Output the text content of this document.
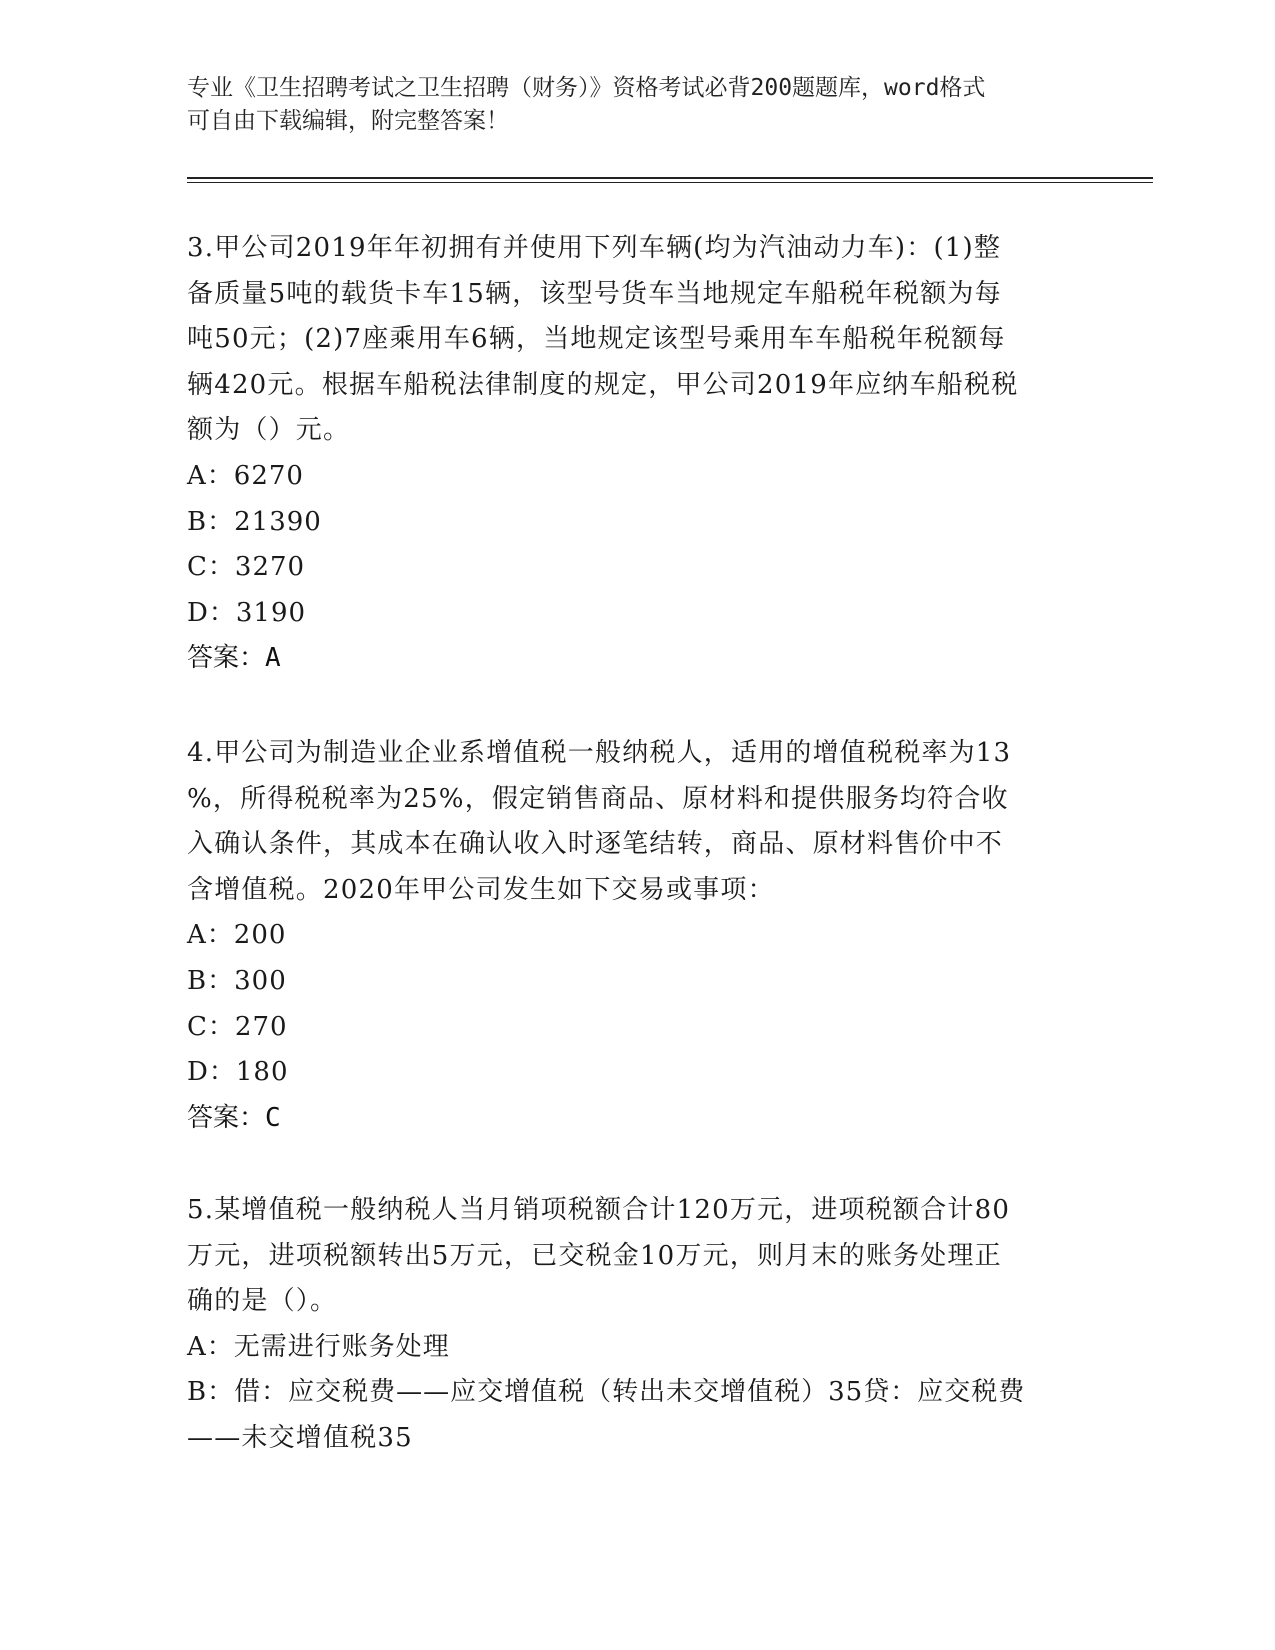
专业《卫生招聘考试之卫生招聘（财务）》资格考试必背200题题库，word格式
可自由下载编辑，附完整答案！
3.甲公司2019年年初拥有并使用下列车辆(均为汽油动力车)：(1)整
备质量5吨的载货卡车15辆，该型号货车当地规定车船税年税额为每
吨50元；(2)7座乘用车6辆，当地规定该型号乘用车车船税年税额每
辆420元。根据车船税法律制度的规定，甲公司2019年应纳车船税税
额为（）元。
A：6270
B：21390
C：3270
D：3190
答案：A
4.甲公司为制造业企业系增值税一般纳税人，适用的增值税税率为13
%，所得税税率为25%，假定销售商品、原材料和提供服务均符合收
入确认条件，其成本在确认收入时逐笔结转，商品、原材料售价中不
含增值税。2020年甲公司发生如下交易或事项：
A：200
B：300
C：270
D：180
答案：C
5.某增值税一般纳税人当月销项税额合计120万元，进项税额合计80
万元，进项税额转出5万元，已交税金10万元，则月末的账务处理正
确的是（）。
A：无需进行账务处理
B：借：应交税费——应交增值税（转出未交增值税）35贷：应交税费
——未交增值税35
